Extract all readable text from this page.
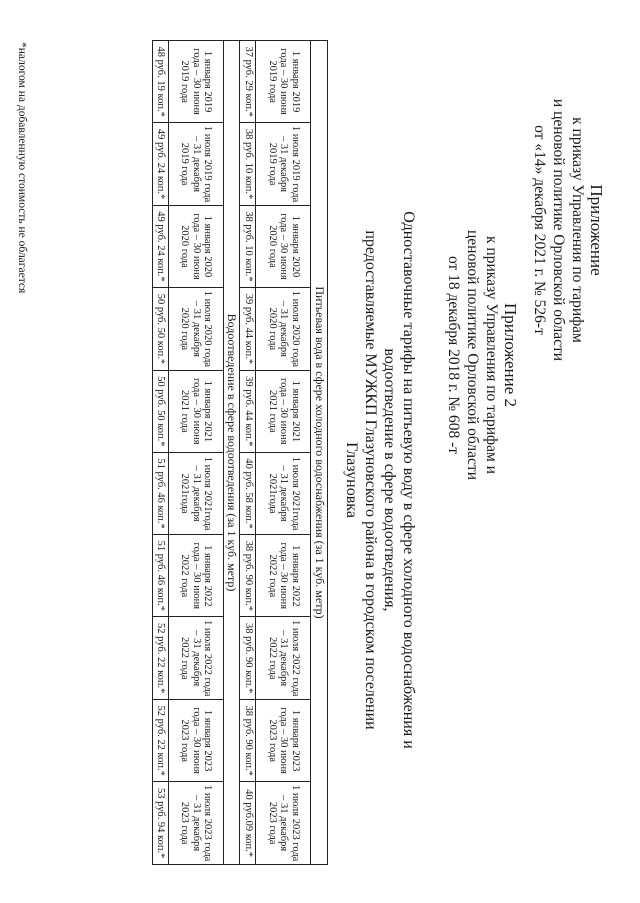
Приложение
к приказу Управления по тарифам
и ценовой политике Орловской области
от «14» декабря 2021 г. № 526-т
Приложение 2
к приказу Управления по тарифам и
ценовой политике Орловской области
от 18 декабря 2018 г. № 608 -т
Одноставочные тарифы на питьевую воду в сфере холодного водоснабжения и водоотведение в сфере водоотведения,
предоставляемые МУЖКП Глазуновского района в городском поселении Глазуновка
Питьевая вода в сфере холодного водоснабжения (за 1 куб. метр)									
1 января 2019 года – 30 июня 2019 года	1 июля 2019 года – 31 декабря 2019 года	1 января 2020 года – 30 июня 2020 года	1 июля 2020 года – 31 декабря 2020 года	1 января 2021 года – 30 июня 2021 года	1 июля 2021года – 31 декабря 2021года	1 января 2022 года – 30 июня 2022 года	1 июля 2022 года – 31 декабря 2022 года	1 января 2023 года – 30 июня 2023 года	1 июля 2023 года – 31 декабря 2023 года
37 руб. 29 коп.*	38 руб. 10 коп.*	38 руб. 10 коп.*	39 руб. 44 коп.*	39 руб. 44 коп.*	40 руб. 58 коп.*	38 руб. 90 коп.*	38 руб. 90 коп.*	38 руб. 90 коп.*	40 руб.09 коп.*
Водоотведение в сфере водоотведения (за 1 куб. метр)									
1 января 2019 года – 30 июня 2019 года	1 июля 2019 года – 31 декабря 2019 года	1 января 2020 года – 30 июня 2020 года	1 июля 2020 года – 31 декабря 2020 года	1 января 2021 года – 30 июня 2021 года	1 июля 2021года – 31 декабря 2021года	1 января 2022 года – 30 июня 2022 года	1 июля 2022 года – 31 декабря 2022 года	1 января 2023 года – 30 июня 2023 года	1 июля 2023 года – 31 декабря 2023 года
48 руб. 19 коп.*	49 руб. 24 коп.*	49 руб. 24 коп.*	50 руб. 50 коп.*	50 руб. 50 коп.*	51 руб. 46 коп.*	51 руб. 46 коп.*	52 руб. 22 коп.*	52 руб. 22 коп.*	53 руб. 94 коп.*
*налогом на добавленную стоимость не облагается
